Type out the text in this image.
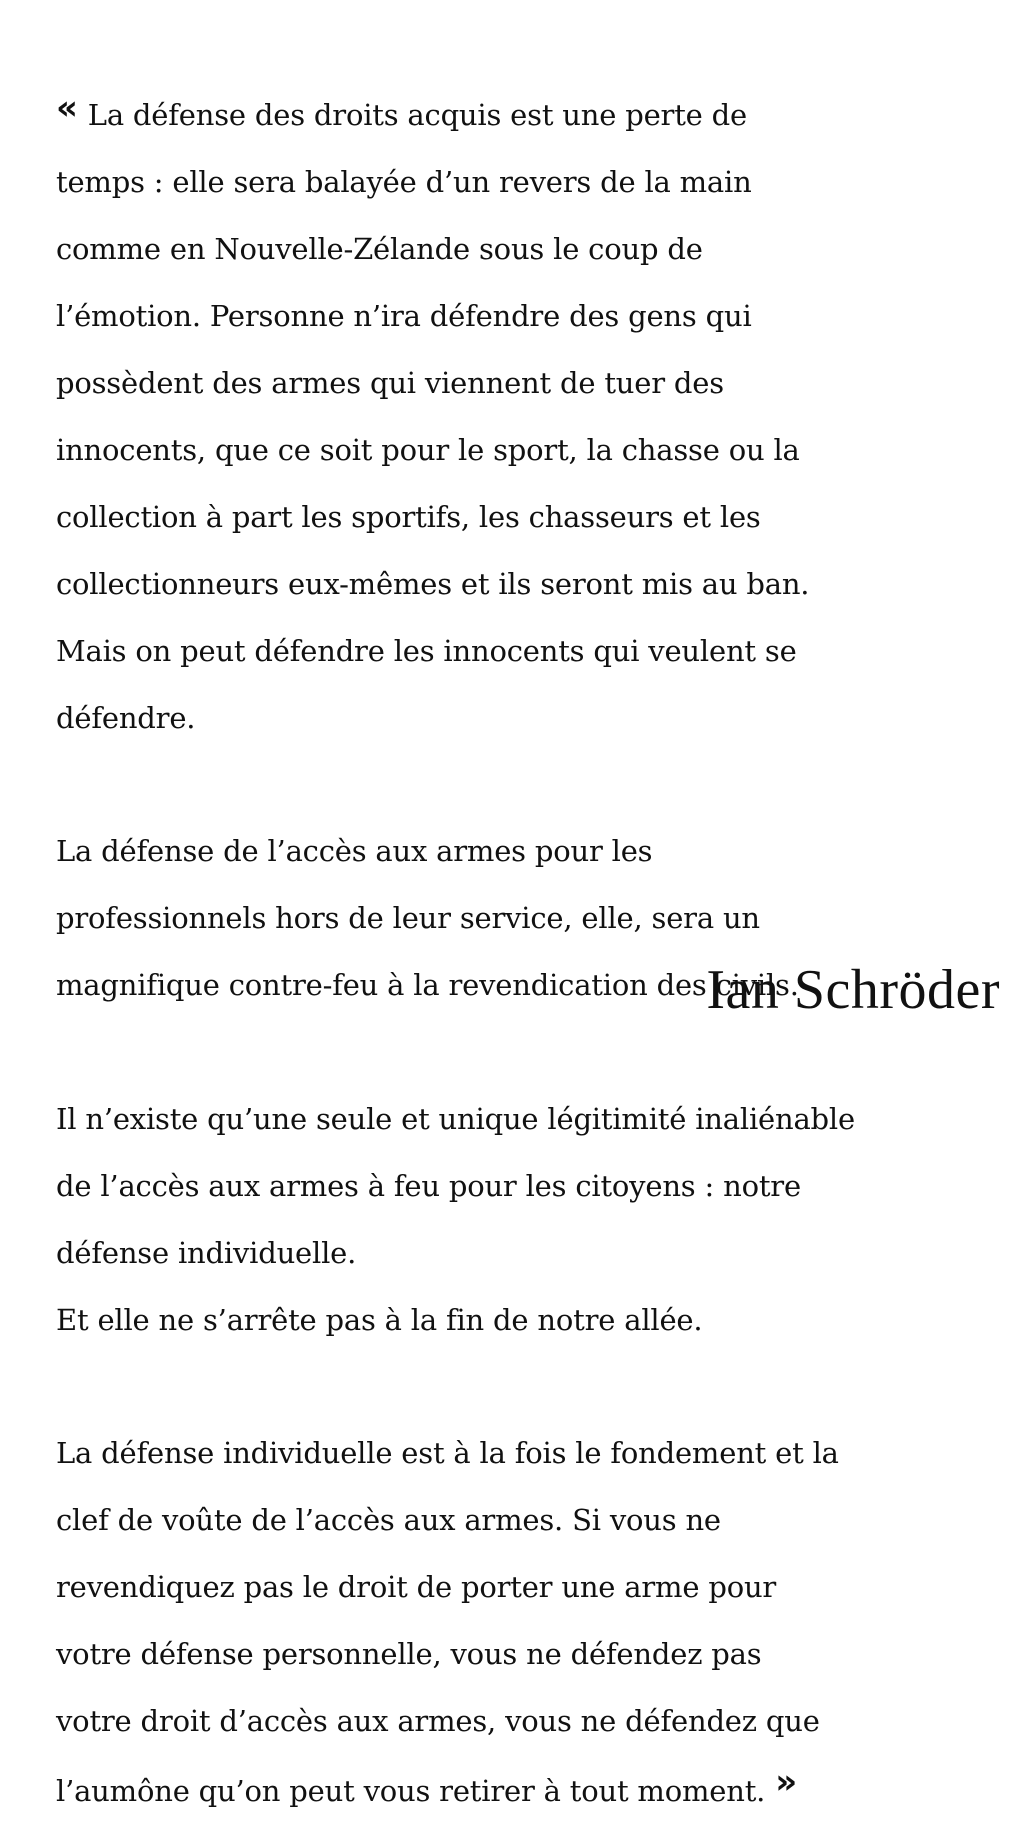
« La défense des droits acquis est une perte de

temps : elle sera balayée d’un revers de la main

comme en Nouvelle-Zélande sous le coup de

l’émotion. Personne n’ira défendre des gens qui

possèdent des armes qui viennent de tuer des

innocents, que ce soit pour le sport, la chasse ou la

collection à part les sportifs, les chasseurs et les

collectionneurs eux-mêmes et ils seront mis au ban.

Mais on peut défendre les innocents qui veulent se

défendre.

La défense de l’accès aux armes pour les

professionnels hors de leur service, elle, sera un

magnifique contre-feu à la revendication des civils.

Il n’existe qu’une seule et unique légitimité inaliénable

de l’accès aux armes à feu pour les citoyens : notre

défense individuelle.

Et elle ne s’arrête pas à la fin de notre allée.

La défense individuelle est à la fois le fondement et la

clef de voûte de l’accès aux armes. Si vous ne

revendiquez pas le droit de porter une arme pour

votre défense personnelle, vous ne défendez pas

votre droit d’accès aux armes, vous ne défendez que

l’aumône qu’on peut vous retirer à tout moment. »

Ian Schröder
